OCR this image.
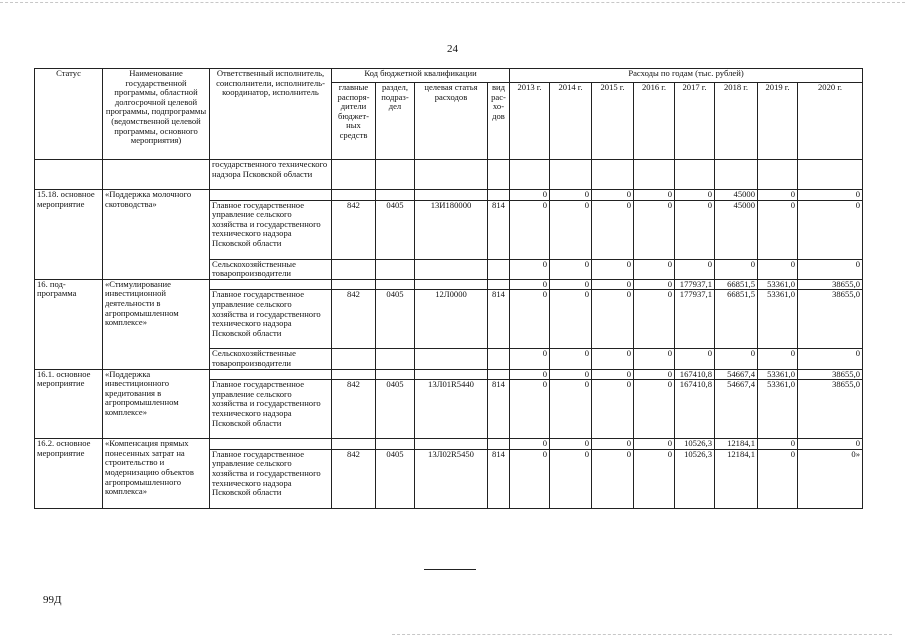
24
Статус	Наименование государственной программы, областной долгосрочной целевой программы, подпрограммы (ведомственной целевой программы, основного мероприятия)	Ответственный исполнитель, соисполнители, исполнитель-координатор, исполнитель	Код бюджетной квалификации				Расходы по годам (тыс. рублей)							
			главные распоря-дители бюджет-ных средств	раздел, подраз-дел	целевая статья расходов	вид рас-хо-дов	2013 г.	2014 г.	2015 г.	2016 г.	2017 г.	2018 г.	2019 г.	2020 г.
		государственного технического надзора Псковской области												
15.18. основное мероприятие	«Поддержка молочного скотоводства»						0	0	0	0	0	45000	0	0
		Главное государственное управление сельского хозяйства и государственного технического надзора Псковской области	842	0405	13И180000	814	0	0	0	0	0	45000	0	0
		Сельскохозяйственные товаропроизводители					0	0	0	0	0	0	0	0
16. под-программа	«Стимулирование инвестиционной деятельности в агропромышленном комплексе»						0	0	0	0	177937,1	66851,5	53361,0	38655,0
		Главное государственное управление сельского хозяйства и государственного технического надзора Псковской области	842	0405	12Л0000	814	0	0	0	0	177937,1	66851,5	53361,0	38655,0
		Сельскохозяйственные товаропроизводители					0	0	0	0	0	0	0	0
16.1. основное мероприятие	«Поддержка инвестиционного кредитования в агропромышленном комплексе»						0	0	0	0	167410,8	54667,4	53361,0	38655,0
		Главное государственное управление сельского хозяйства и государственного технического надзора Псковской области	842	0405	13Л01R5440	814	0	0	0	0	167410,8	54667,4	53361,0	38655,0
16.2. основное мероприятие	«Компенсация прямых понесенных затрат на строительство и модернизацию объектов агропромышленного комплекса»						0	0	0	0	10526,3	12184,1	0	0
		Главное государственное управление сельского хозяйства и государственного технического надзора Псковской области	842	0405	13Л02R5450	814	0	0	0	0	10526,3	12184,1	0	0»
99Д
